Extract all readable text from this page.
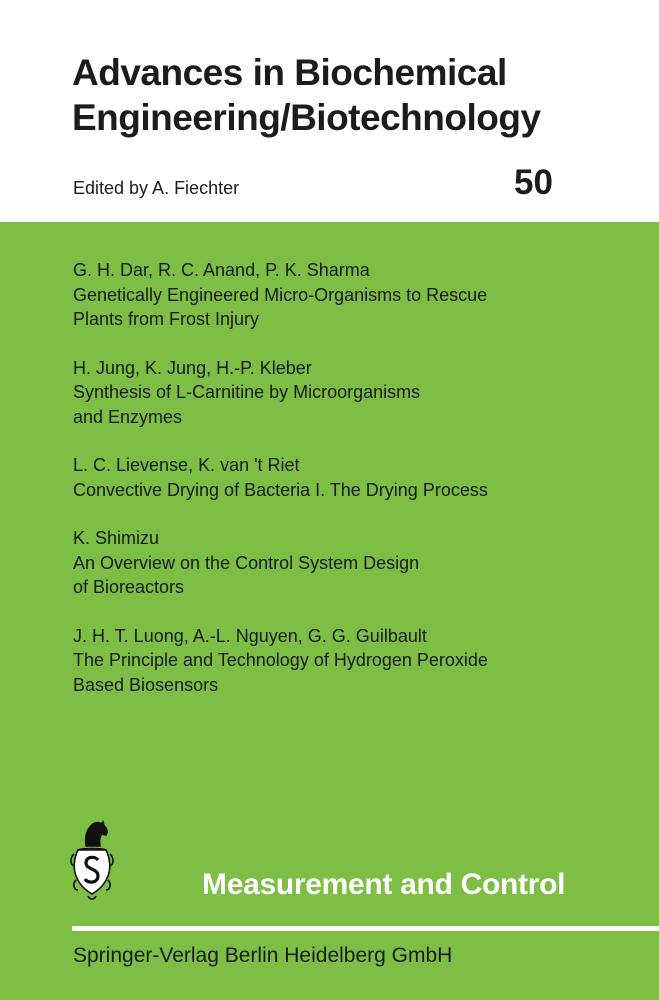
Advances in Biochemical
Engineering/Biotechnology
Edited by A. Fiechter	50
G. H. Dar, R. C. Anand, P. K. Sharma
Genetically Engineered Micro-Organisms to Rescue
Plants from Frost Injury
H. Jung, K. Jung, H.-P. Kleber
Synthesis of L-Carnitine by Microorganisms
and Enzymes
L. C. Lievense, K. van 't Riet
Convective Drying of Bacteria I. The Drying Process
K. Shimizu
An Overview on the Control System Design
of Bioreactors
J. H. T. Luong, A.-L. Nguyen, G. G. Guilbault
The Principle and Technology of Hydrogen Peroxide
Based Biosensors
Measurement and Control
Springer-Verlag Berlin Heidelberg GmbH
